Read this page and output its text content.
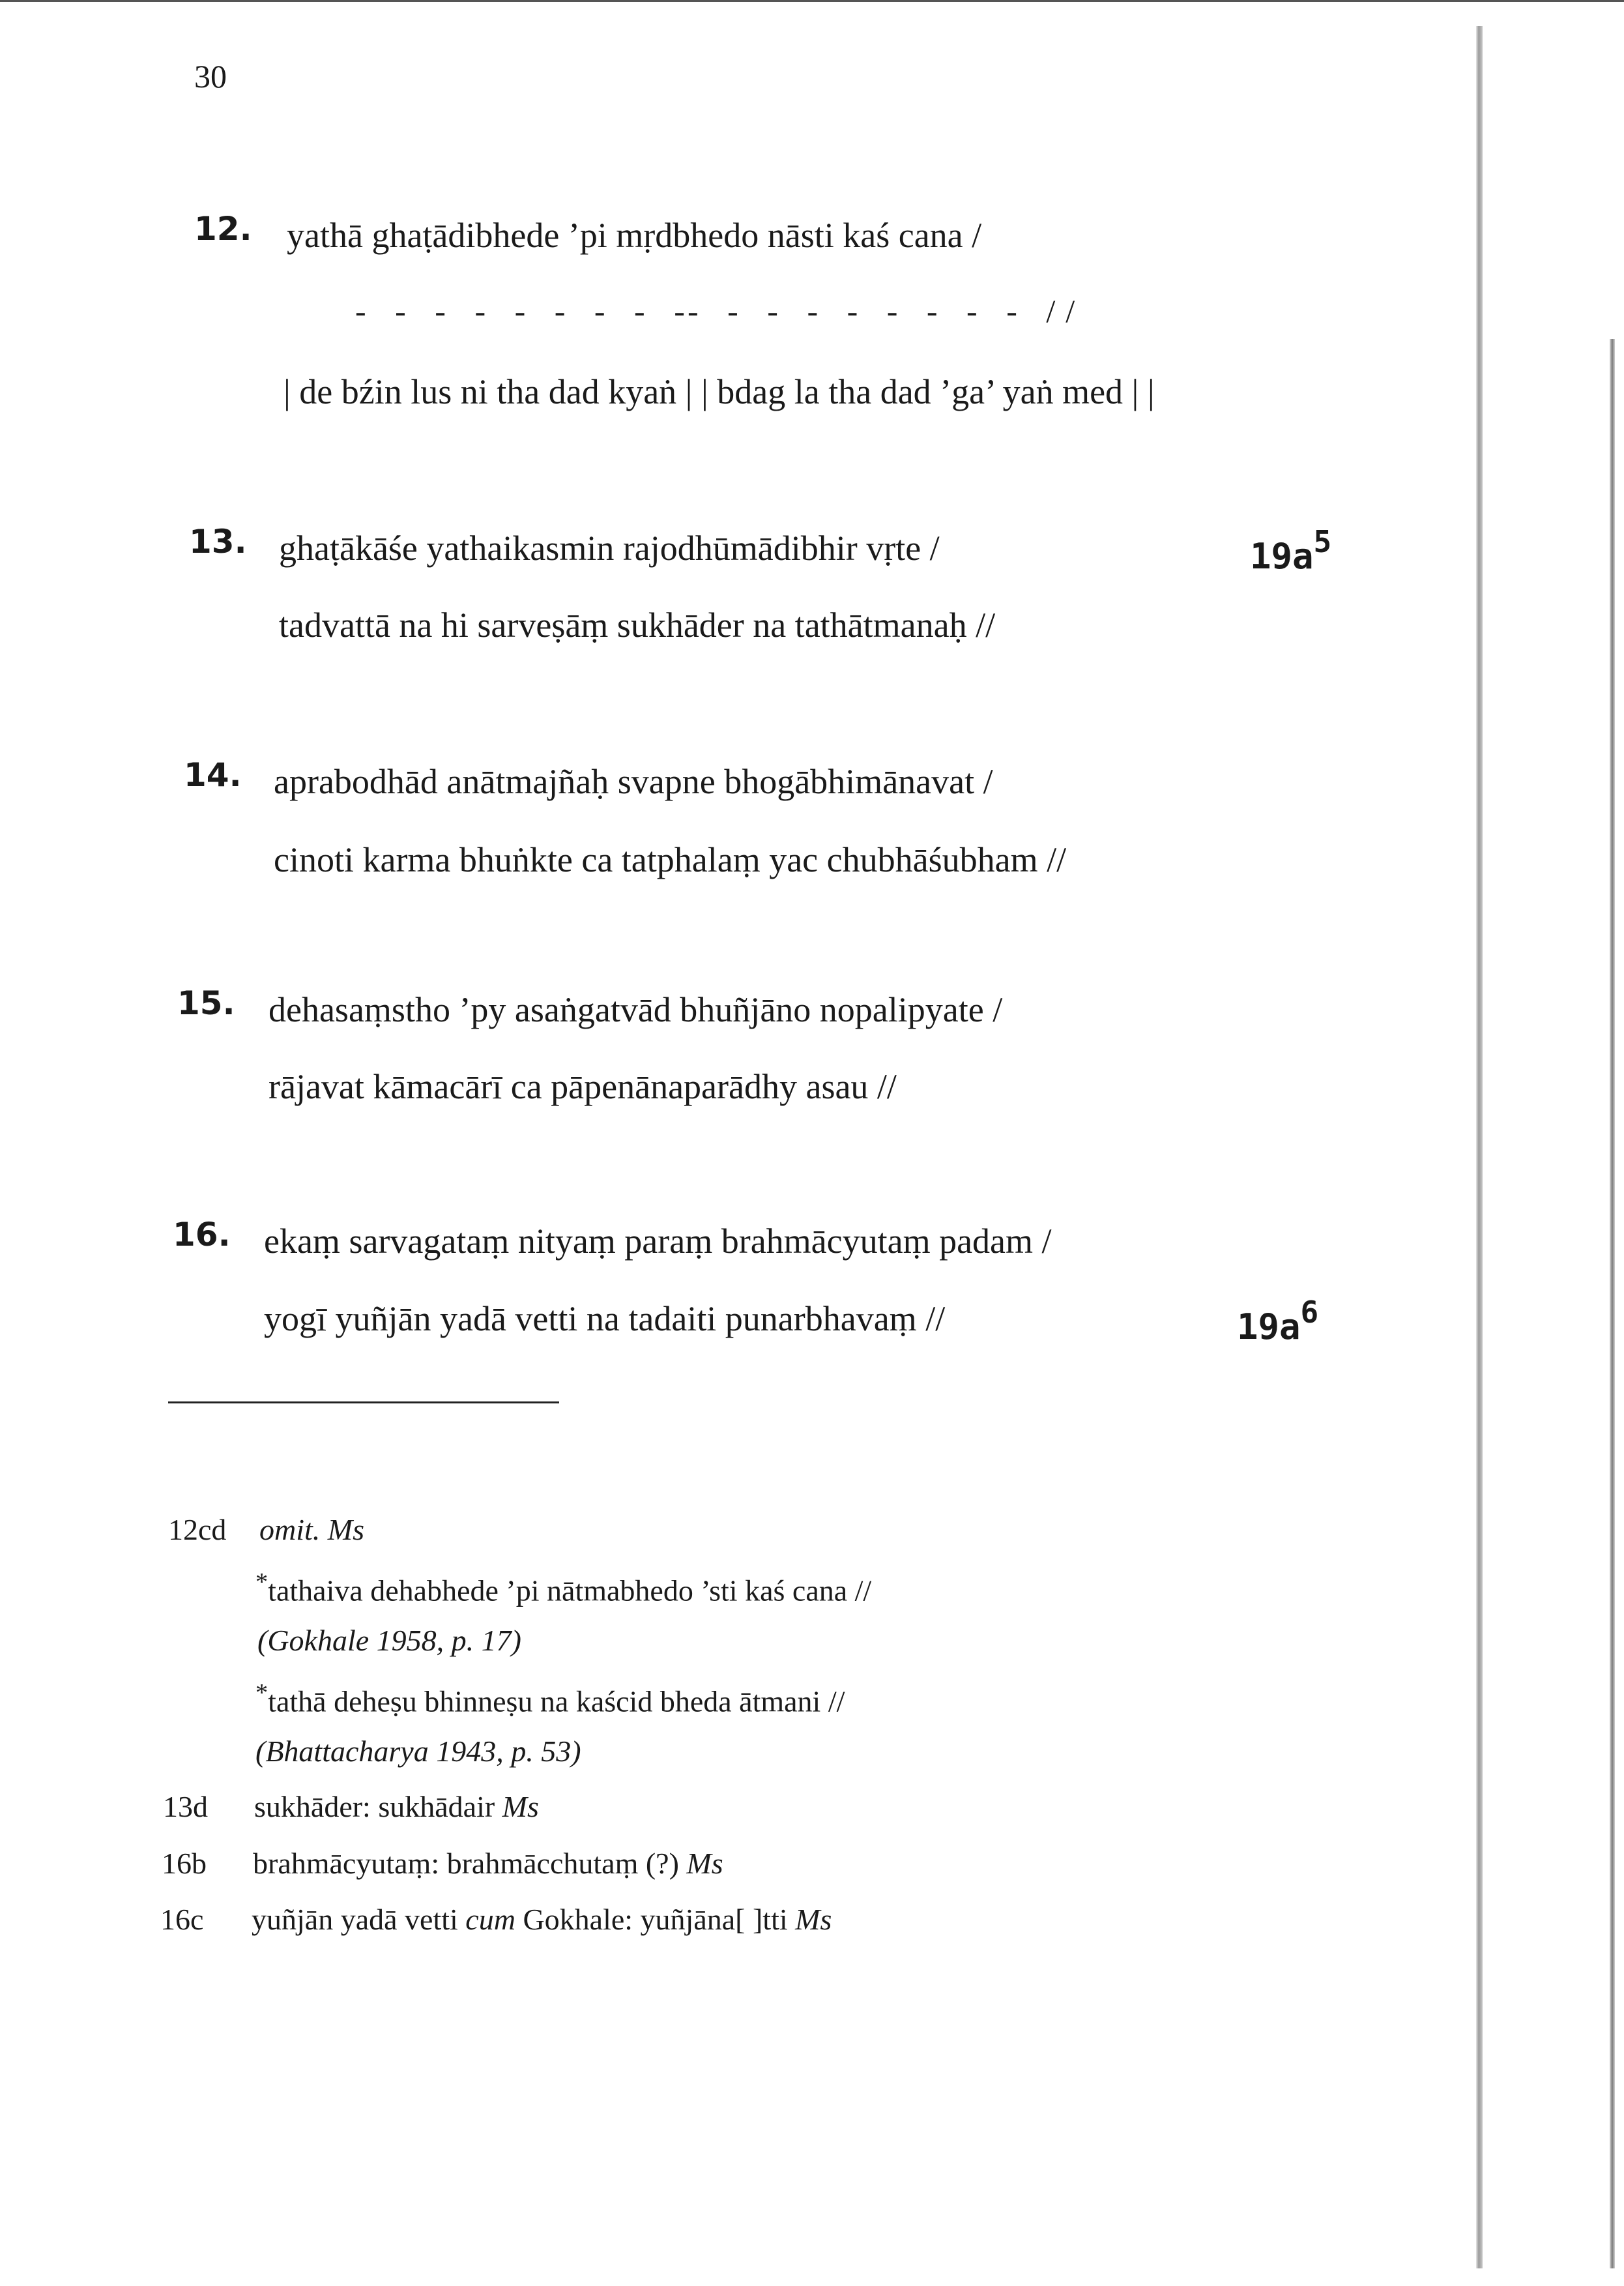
30
12. yathā ghaṭādibhede ’pi mṛdbhedo nāsti kaś cana /
- - - - - - - - -
- - - - - - - - - //
| de bźin lus ni tha dad kyaṅ | | bdag la tha dad ’ga’ yaṅ med | |
13. ghaṭākāśe yathaikasmin rajodhūmādibhir vṛte /
tadvattā na hi sarveṣāṃ sukhāder na tathātmanaḥ //
$19a^5$
14. aprabodhād anātmajñaḥ svapne bhogābhimānavat /
cinoti karma bhuṅkte ca tatphalaṃ yac chubhāśubham //
15. dehasaṃstho ’py asaṅgatvād bhuñjāno nopalipyate /
rājavat kāmacārī ca pāpenānaparādhy asau //
16. ekaṃ sarvagataṃ nityaṃ paraṃ brahmācyutaṃ padam /
yogī yuñjān yadā vetti na tadaiti punarbhavaṃ //	$19a^6$
12cd omit. Ms
*tathaiva dehabhede ’pi nātmabhedo ’sti kaś cana //
(Gokhale 1958, p. 17)
*tathā deheṣu bhinneṣu na kaścid bheda ātmani //
(Bhattacharya 1943, p. 53)
13d sukhāder: sukhādair Ms
16b brahmācyutaṃ: brahmācchutaṃ (?) Ms
16c yuñjān yadā vetti cum Gokhale: yuñjāna[ ]tti Ms
